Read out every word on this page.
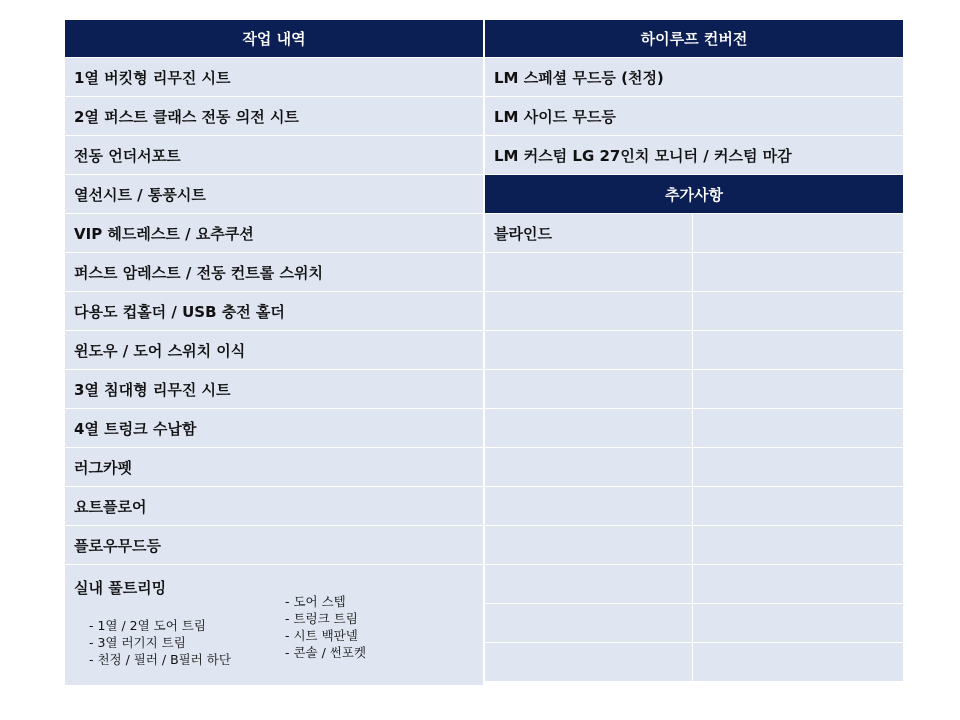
작업 내역
1열 버킷형 리무진 시트
2열 퍼스트 클래스 전동 의전 시트
전동 언더서포트
열선시트 / 통풍시트
VIP 헤드레스트 / 요추쿠션
퍼스트 암레스트 / 전동 컨트롤 스위치
다용도 컵홀더 / USB 충전 홀더
윈도우 / 도어 스위치 이식
3열 침대형 리무진 시트
4열 트렁크 수납함
러그카펫
요트플로어
플로우무드등
실내 풀트리밍
- 1열 / 2열 도어 트림
- 3열 러기지 트림
- 천정 / 필러 / B필러 하단
- 도어 스텝
- 트렁크 트림
- 시트 백판넬
- 콘솔 / 썬포켓
하이루프 컨버전
LM 스페셜 무드등 (천정)
LM 사이드 무드등
LM 커스텀 LG 27인치 모니터 / 커스텀 마감
추가사항
블라인드
